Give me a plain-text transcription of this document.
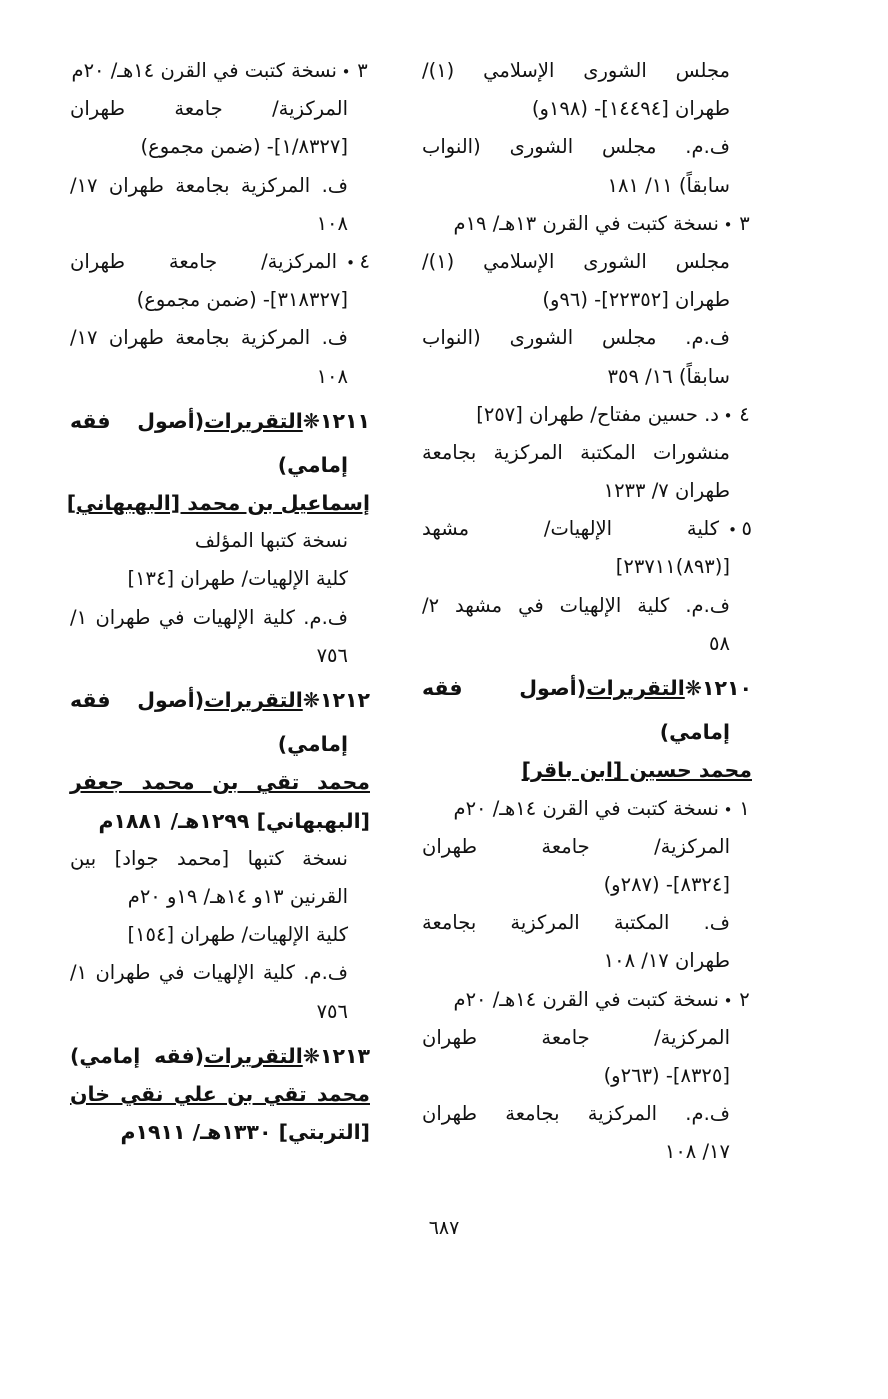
مجلس الشورى الإسلامي (١)/
طهران [١٤٤٩٤]- (١٩٨و)
ف.م. مجلس الشورى (النواب
سابقاً) ١١/ ١٨١
٣•نسخة كتبت في القرن ١٣هـ/ ١٩م
مجلس الشورى الإسلامي (١)/
طهران [٢٢٣٥٢]- (٩٦و)
ف.م. مجلس الشورى (النواب
سابقاً) ١٦/ ٣٥٩
٤•د. حسين مفتاح/ طهران [٢٥٧]
منشورات المكتبة المركزية بجامعة
طهران ٧/ ١٢٣٣
٥•كلية الإلهيات/ مشهد
[(٨٩٣)٢٣٧١١]
ف.م. كلية الإلهيات في مشهد ٢/
٥٨
١٢١٠❋التقريرات(أصول فقه
إمامي)
محمد حسين [ابن باقر]
١•نسخة كتبت في القرن ١٤هـ/ ٢٠م
المركزية/ جامعة طهران
[٨٣٢٤]- (٢٨٧و)
ف. المكتبة المركزية بجامعة
طهران ١٧/ ١٠٨
٢•نسخة كتبت في القرن ١٤هـ/ ٢٠م
المركزية/ جامعة طهران
[٨٣٢٥]- (٢٦٣و)
ف.م. المركزية بجامعة طهران
١٧/ ١٠٨
٣•نسخة كتبت في القرن ١٤هـ/ ٢٠م
المركزية/ جامعة طهران
[١/٨٣٢٧]- (ضمن مجموع)
ف. المركزية بجامعة طهران ١٧/
١٠٨
٤•المركزية/ جامعة طهران
[٣١٨٣٢٧]- (ضمن مجموع)
ف. المركزية بجامعة طهران ١٧/
١٠٨
١٢١١❋التقريرات(أصول فقه
إمامي)
إسماعيل بن محمد [البهبهاني]
نسخة كتبها المؤلف
كلية الإلهيات/ طهران [١٣٤]
ف.م. كلية الإلهيات في طهران ١/
٧٥٦
١٢١٢❋التقريرات(أصول فقه
إمامي)
محمد تقي بن محمد جعفر
[البهبهاني] ١٢٩٩هـ/ ١٨٨١م
نسخة كتبها [محمد جواد] بين
القرنين ١٣و ١٤هـ/ ١٩و ٢٠م
كلية الإلهيات/ طهران [١٥٤]
ف.م. كلية الإلهيات في طهران ١/
٧٥٦
١٢١٣❋التقريرات(فقه إمامي)
محمد تقي بن علي نقي خان
[التربتي] ١٣٣٠هـ/ ١٩١١م
٦٨٧
